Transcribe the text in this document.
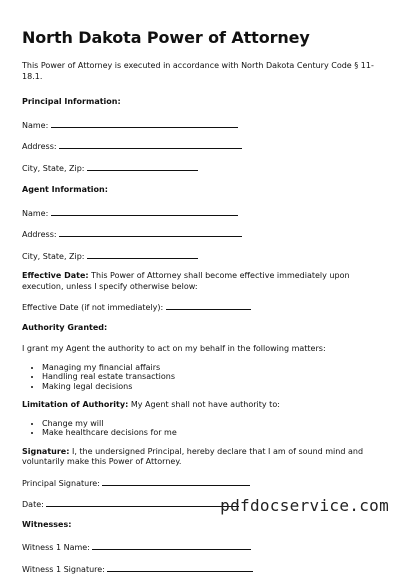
North Dakota Power of Attorney

This Power of Attorney is executed in accordance with North Dakota Century Code § 11-18.1.

Principal Information:

Name:

Address:

City, State, Zip:

Agent Information:

Name:

Address:

City, State, Zip:

Effective Date: This Power of Attorney shall become effective immediately upon execution, unless I specify otherwise below:

Effective Date (if not immediately):

Authority Granted:

I grant my Agent the authority to act on my behalf in the following matters:

• Managing my financial affairs
• Handling real estate transactions
• Making legal decisions

Limitation of Authority: My Agent shall not have authority to:

• Change my will
• Make healthcare decisions for me

Signature: I, the undersigned Principal, hereby declare that I am of sound mind and voluntarily make this Power of Attorney.

Principal Signature:

Date:

Witnesses:

Witness 1 Name:

Witness 1 Signature:

pdfdocservice.com
